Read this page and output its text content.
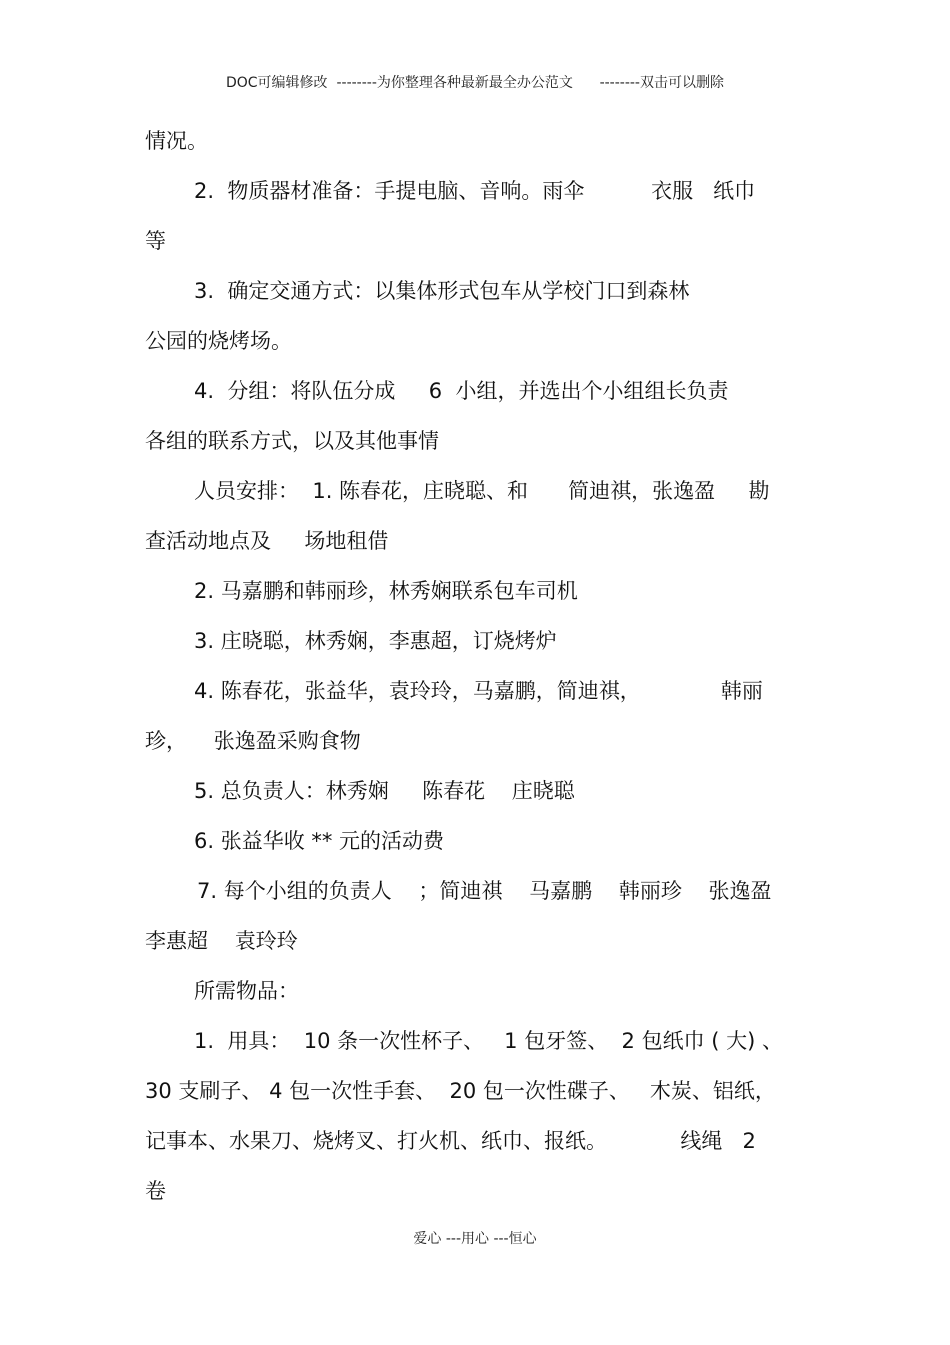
DOC可编辑修改  --------为你整理各种最新最全办公范文      --------双击可以删除
情况。
2.  物质器材准备：手提电脑、音响。雨伞          衣服   纸巾
等
3.  确定交通方式：以集体形式包车从学校门口到森林
公园的烧烤场。
4.  分组：将队伍分成     6  小组，并选出个小组组长负责
各组的联系方式，以及其他事情
人员安排：  1. 陈春花，庄晓聪、和      简迪祺，张逸盈     勘
查活动地点及     场地租借
2. 马嘉鹏和韩丽珍，林秀娴联系包车司机
3. 庄晓聪，林秀娴，李惠超，订烧烤炉
4. 陈春花，张益华，袁玲玲，马嘉鹏，简迪祺，            韩丽
珍，    张逸盈采购食物
5. 总负责人：林秀娴     陈春花    庄晓聪
6. 张益华收 ** 元的活动费
7. 每个小组的负责人    ；简迪祺    马嘉鹏    韩丽珍    张逸盈
李惠超    袁玲玲
所需物品：
1.  用具：  10 条一次性杯子、   1 包牙签、  2 包纸巾 ( 大) 、
30 支刷子、 4 包一次性手套、  20 包一次性碟子、   木炭、铝纸，
记事本、水果刀、烧烤叉、打火机、纸巾、报纸。           线绳   2
卷
爱心 ---用心 ---恒心
